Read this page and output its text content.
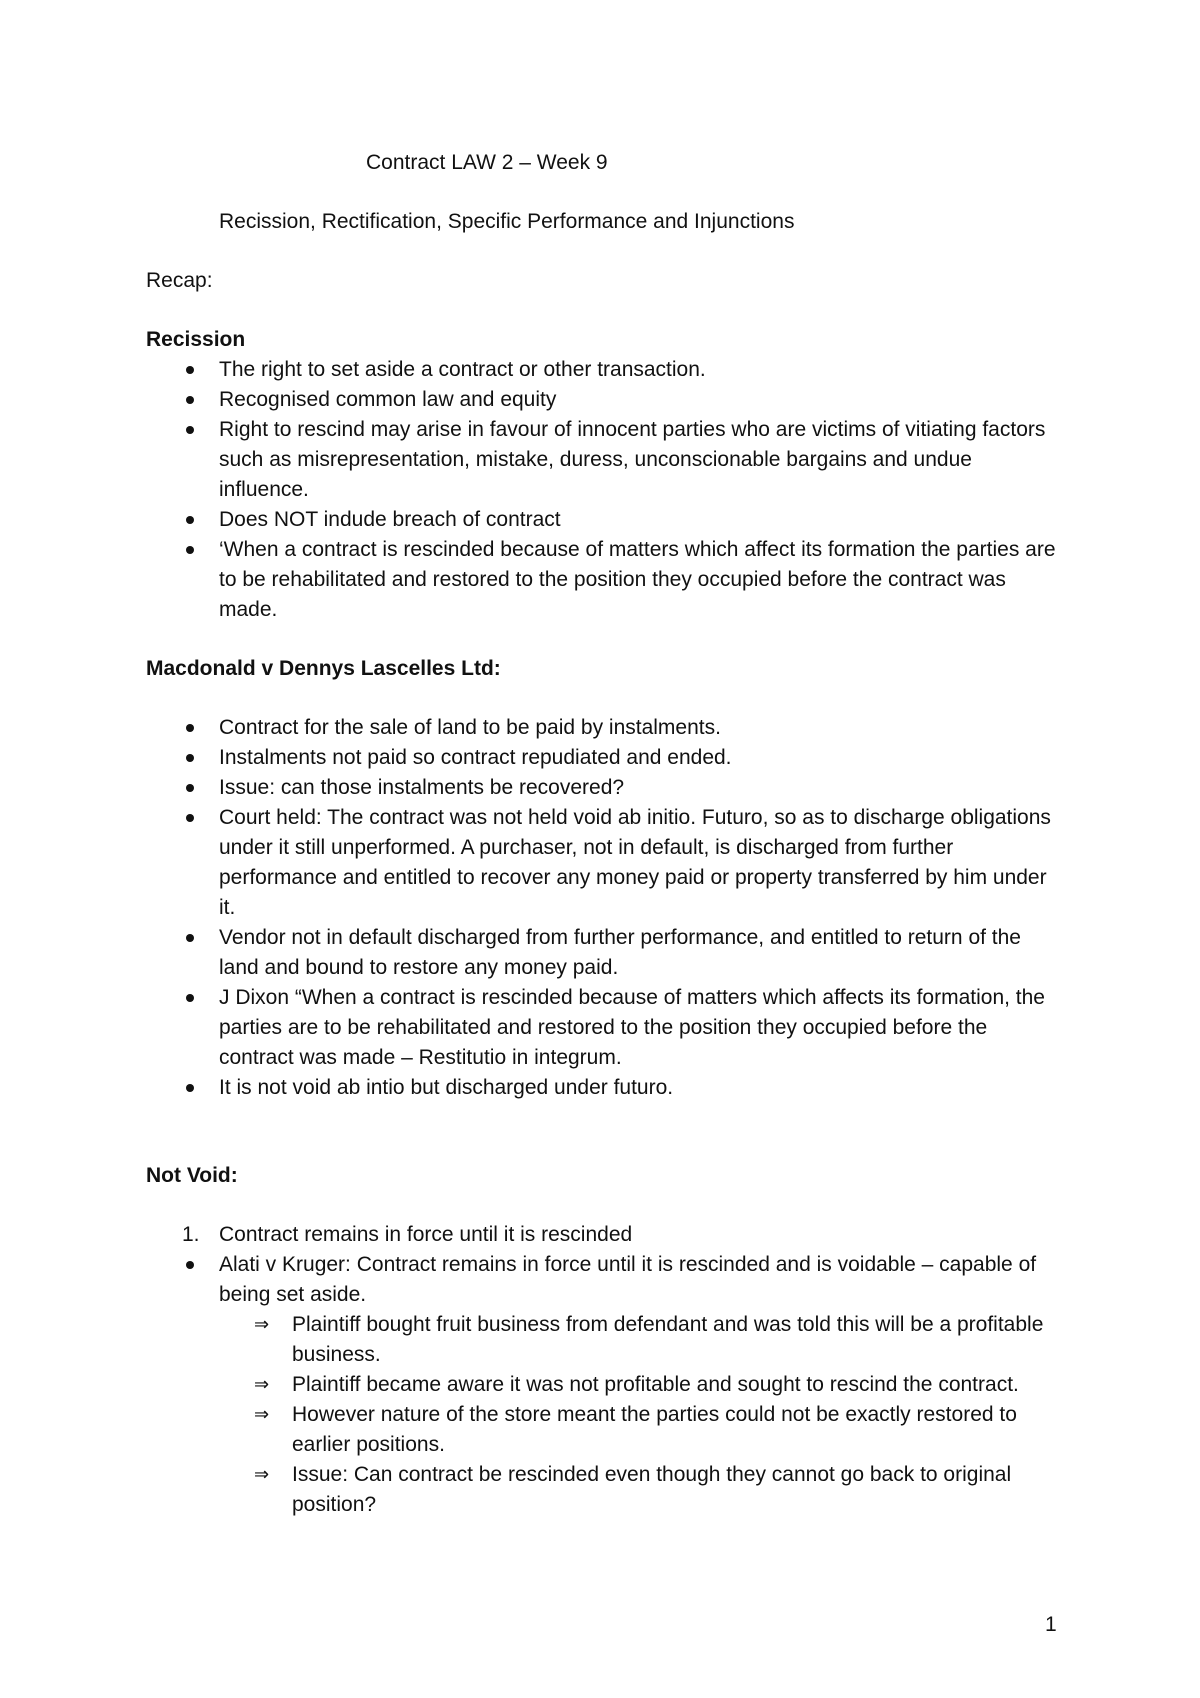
Contract LAW 2 – Week 9

Recission, Rectification, Specific Performance and Injunctions

Recap:

Recission

The right to set aside a contract or other transaction.
Recognised common law and equity
Right to rescind may arise in favour of innocent parties who are victims of vitiating factors such as misrepresentation, mistake, duress, unconscionable bargains and undue influence.
Does NOT indude breach of contract
‘When a contract is rescinded because of matters which affect its formation the parties are to be rehabilitated and restored to the position they occupied before the contract was made.

Macdonald v Dennys Lascelles Ltd:

Contract for the sale of land to be paid by instalments.
Instalments not paid so contract repudiated and ended.
Issue: can those instalments be recovered?
Court held: The contract was not held void ab initio. Futuro, so as to discharge obligations under it still unperformed. A purchaser, not in default, is discharged from further performance and entitled to recover any money paid or property transferred by him under it.
Vendor not in default discharged from further performance, and entitled to return of the land and bound to restore any money paid.
J Dixon “When a contract is rescinded because of matters which affects its formation, the parties are to be rehabilitated and restored to the position they occupied before the contract was made – Restitutio in integrum.
It is not void ab intio but discharged under futuro.

Not Void:

1. Contract remains in force until it is rescinded
Alati v Kruger: Contract remains in force until it is rescinded and is voidable – capable of being set aside.
⇒ Plaintiff bought fruit business from defendant and was told this will be a profitable business.
⇒ Plaintiff became aware it was not profitable and sought to rescind the contract.
⇒ However nature of the store meant the parties could not be exactly restored to earlier positions.
⇒ Issue: Can contract be rescinded even though they cannot go back to original position?

1
